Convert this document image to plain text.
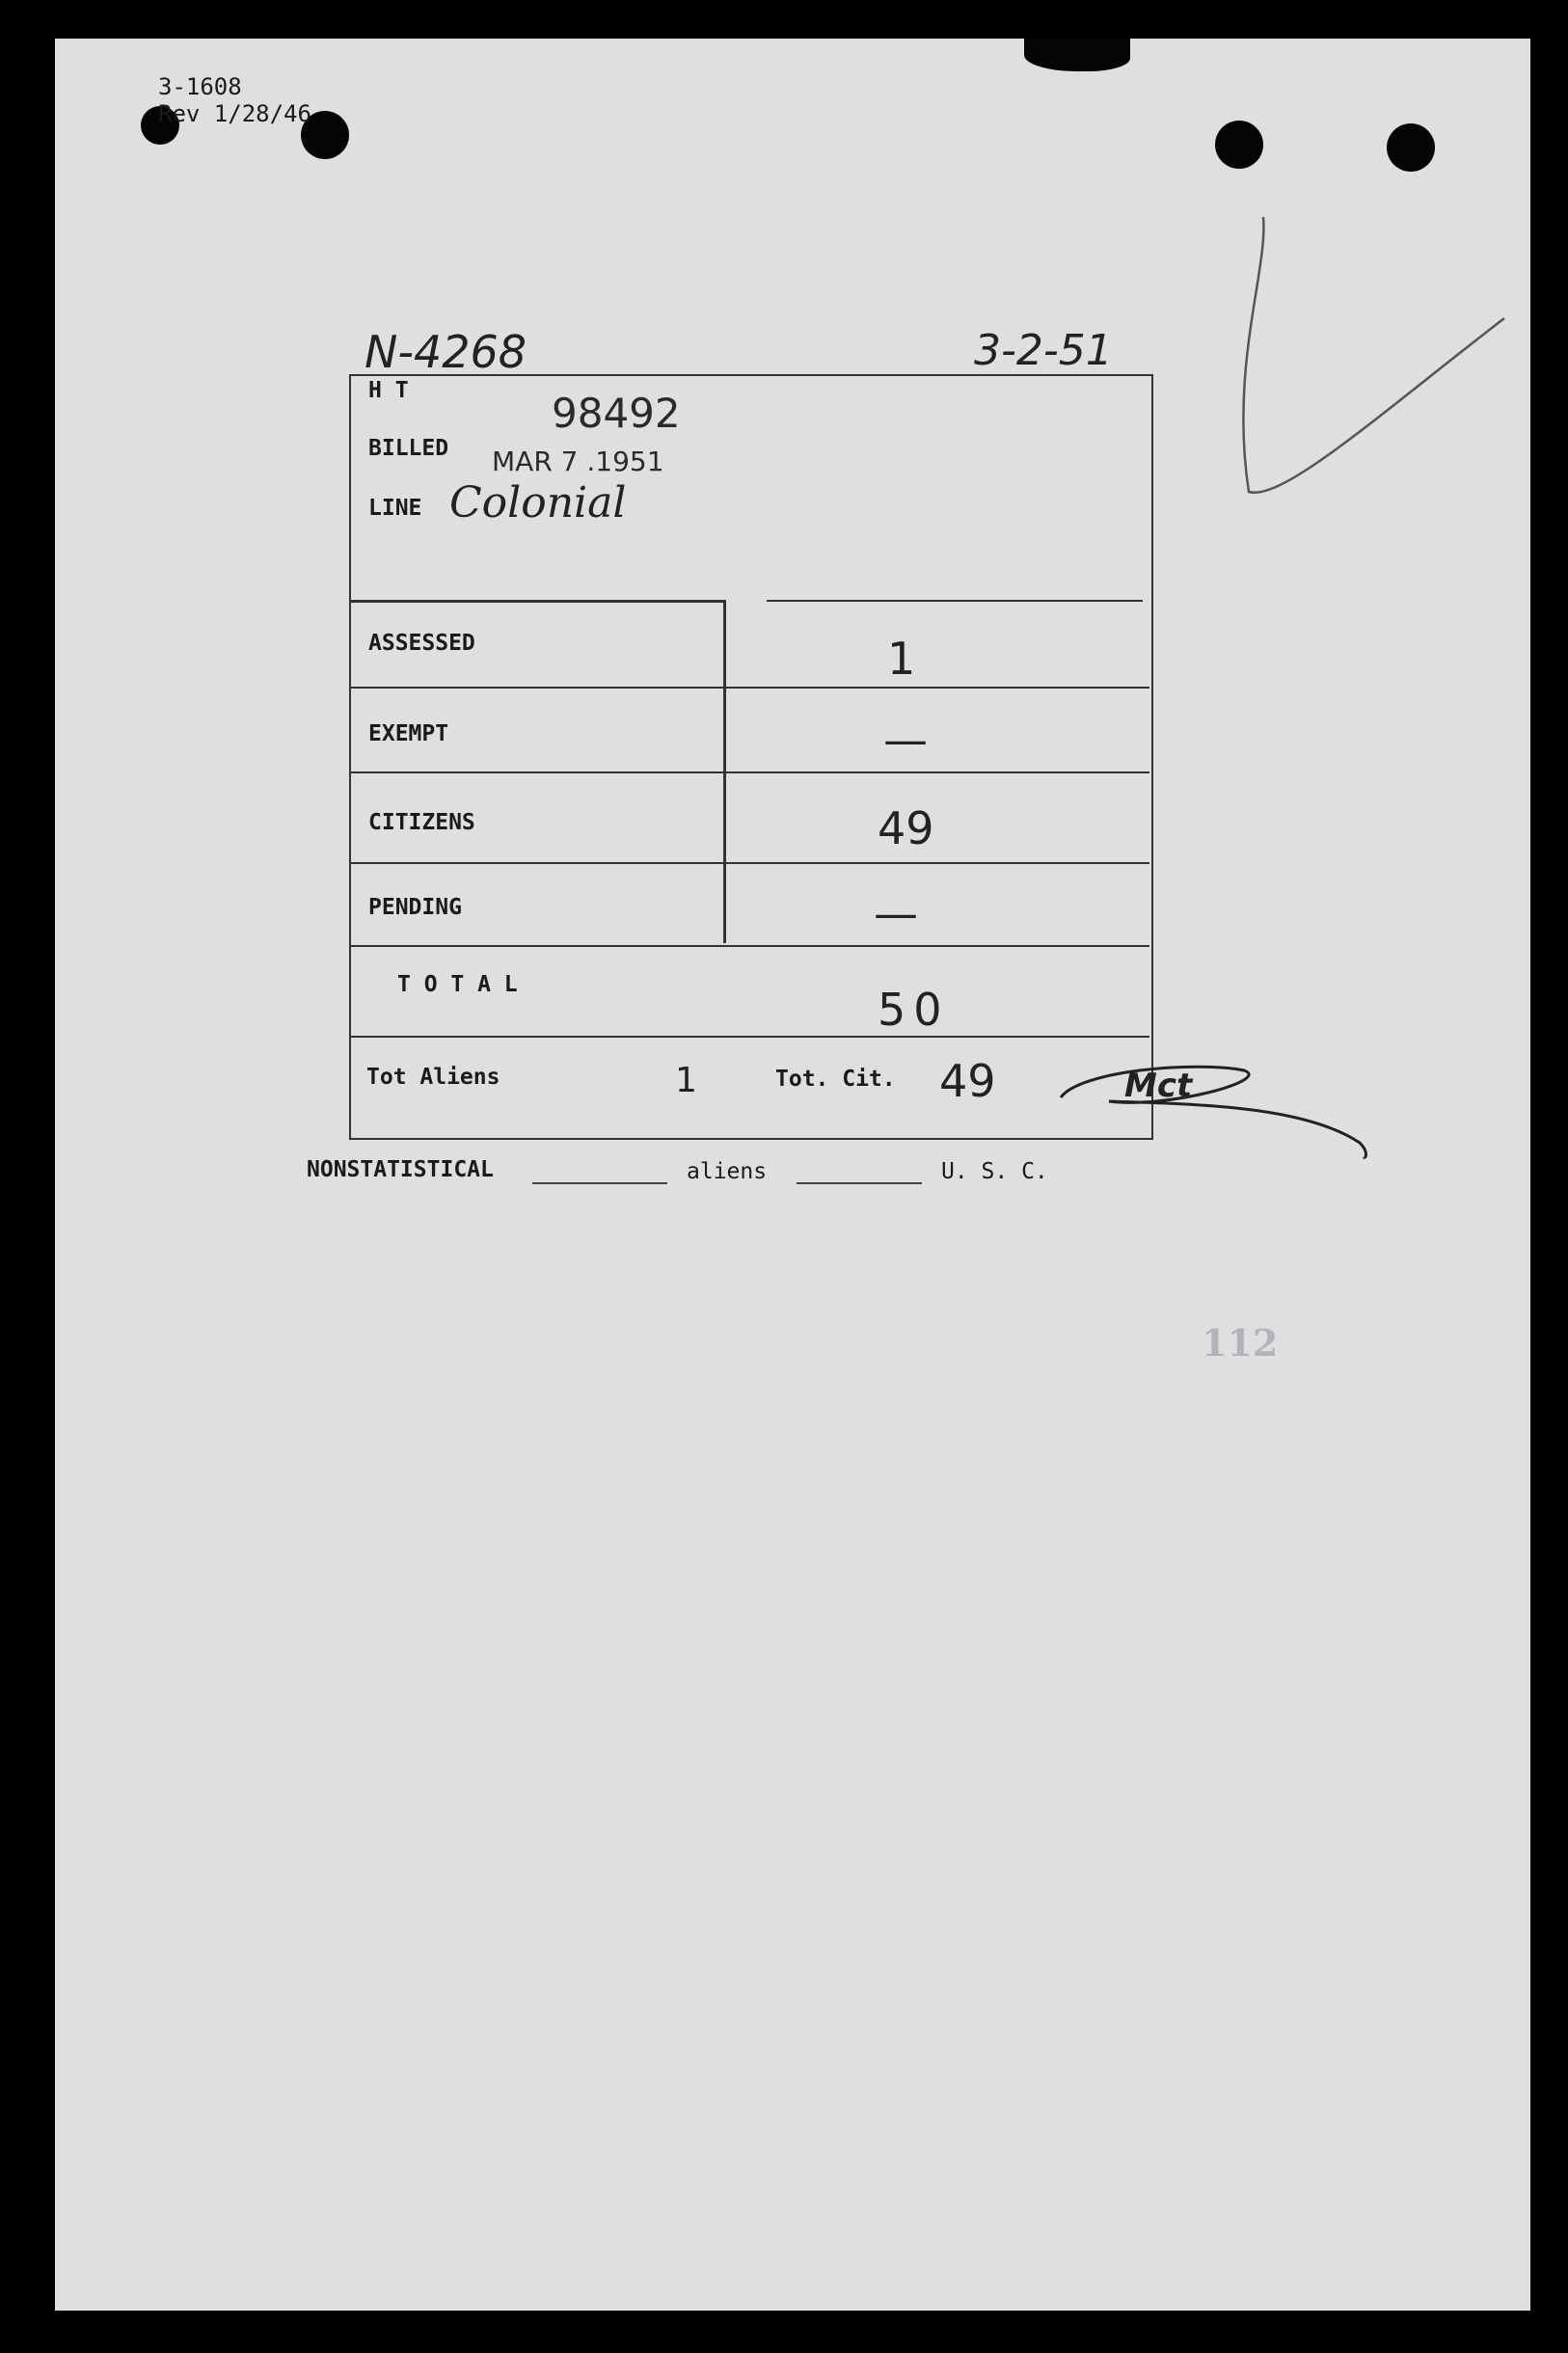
3-1608
Rev 1/28/46
N-4268	3-2-51
H T	98492
BILLED MAR 7 .1951
LINE Colonial
ASSESSED	1
EXEMPT	—
CITIZENS	49
PENDING	—
T O T A L	50
Tot Aliens	1	Tot. Cit. 49	Mct
NONSTATISTICAL	aliens	U. S. C.
112
